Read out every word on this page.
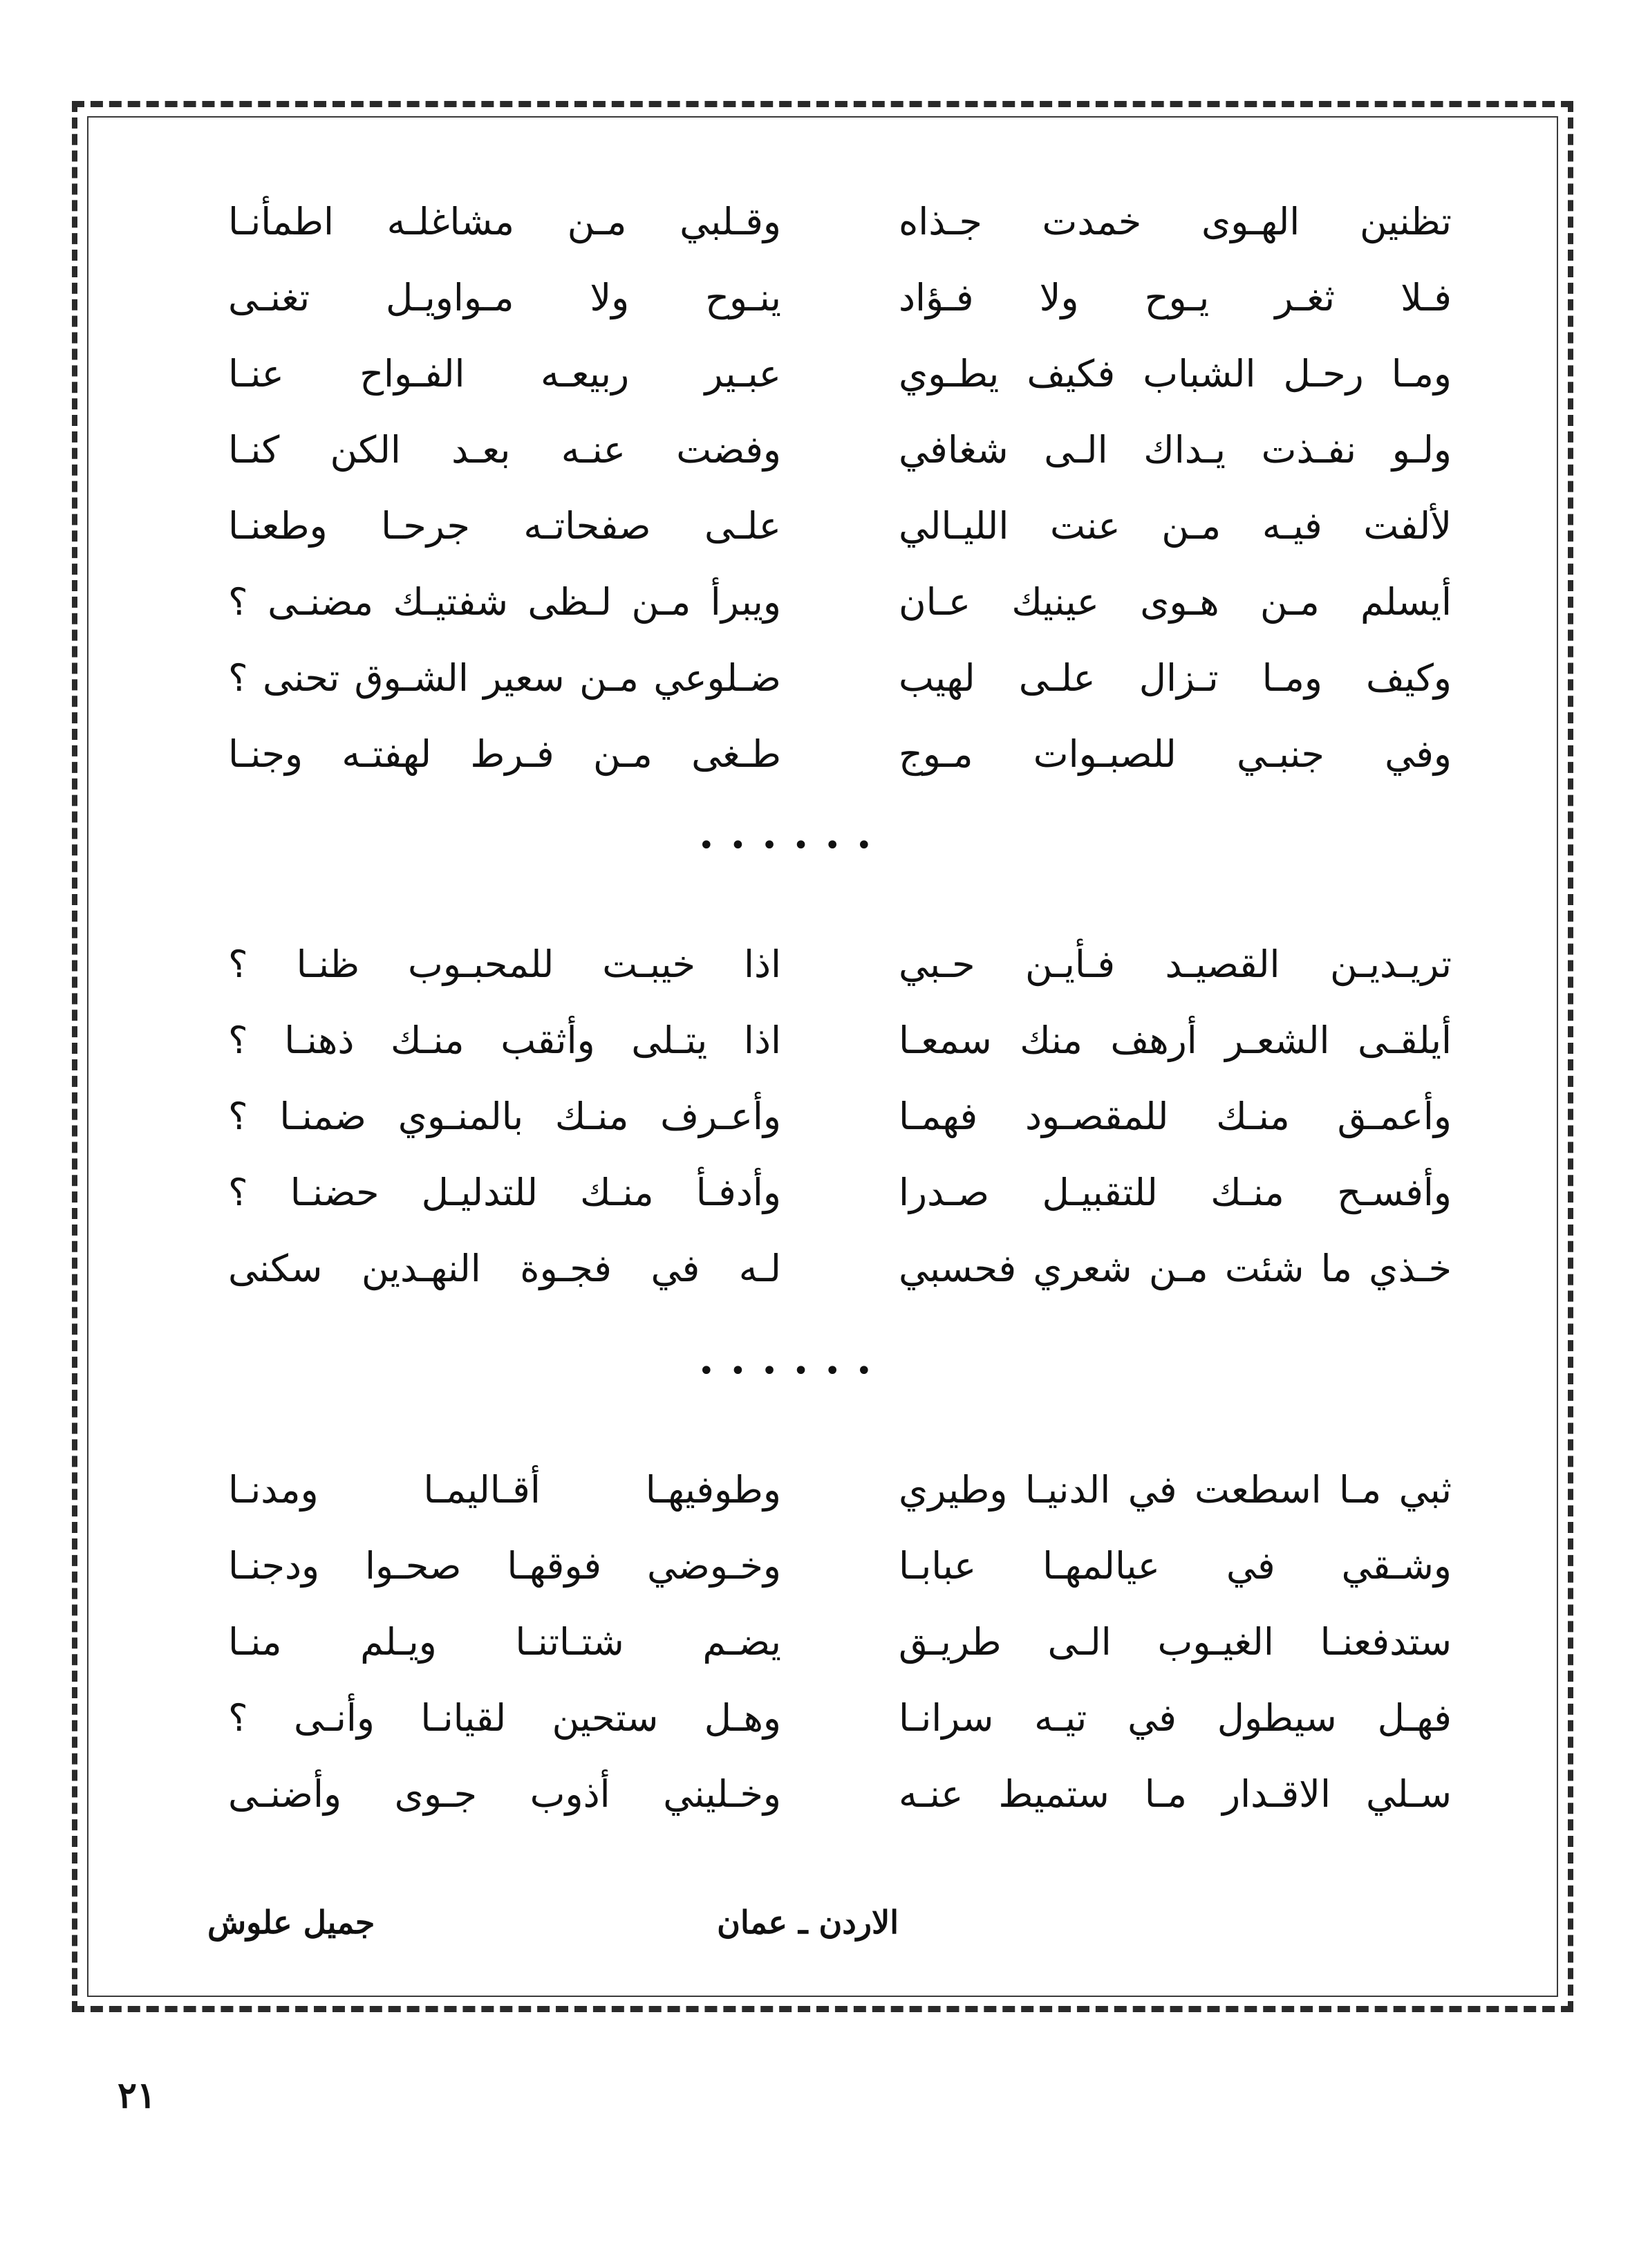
تظنين الهـوى خمدت جـذاه
وقـلبي مـن مشاغلـه اطمأنـا
فـلا ثغـر يـوح ولا فـؤاد
ينـوح ولا مـواويـل تغنـى
ومـا رحـل الشباب فكيف يطـوي
عبـير ربيعـه الفـواح عنـا
ولـو نفـذت يـداك الـى شغافي
وفضت عنـه بعـد الكن كنـا
لألفت فيـه مـن عنت الليـالي
علـى صفحاتـه جرحـا وطعنـا
أيسلم مـن هـوى عينيك عـان
ويبرأ مـن لـظى شفتيـك مضنـى ؟
وكيف ومـا تـزال علـى لهيب
ضـلوعي مـن سعير الشـوق تحنى ؟
وفي جنبـي للصبـوات مـوج
طـغى مـن فـرط لهفتـه وجنـا
••••••
تريـديـن القصيـد فـأيـن حـبي
اذا خيبـت للمحبـوب ظنـا ؟
أيلقـى الشعـر أرهف منك سمعـا
اذا يتـلى وأثقب منـك ذهنـا ؟
وأعمـق منـك للمقصـود فهمـا
وأعـرف منـك بالمنـوي ضمنـا ؟
وأفسـح منـك للتقبيـل صـدرا
وأدفـأ منـك للتدليـل حضنـا ؟
خـذي ما شئت مـن شعري فحسبي
لـه في فجـوة النهـدين سكنى
••••••
ثبي مـا اسطعت في الدنيـا وطيري
وطوفيهـا أقـاليمـا ومدنـا
وشـقي في عيالمهـا عبابـا
وخـوضي فوقهـا صحـوا ودجنـا
ستدفعنـا الغيـوب الـى طريـق
يضـم شتـاتنـا ويـلم منـا
فهـل سيطول في تيـه سرانـا
وهـل ستحين لقيانـا وأنـى ؟
سـلي الاقـدار مـا ستميط عنـه
وخـليني أذوب جـوى وأضنـى
الاردن ـ عمان
جميل علوش
٢١
